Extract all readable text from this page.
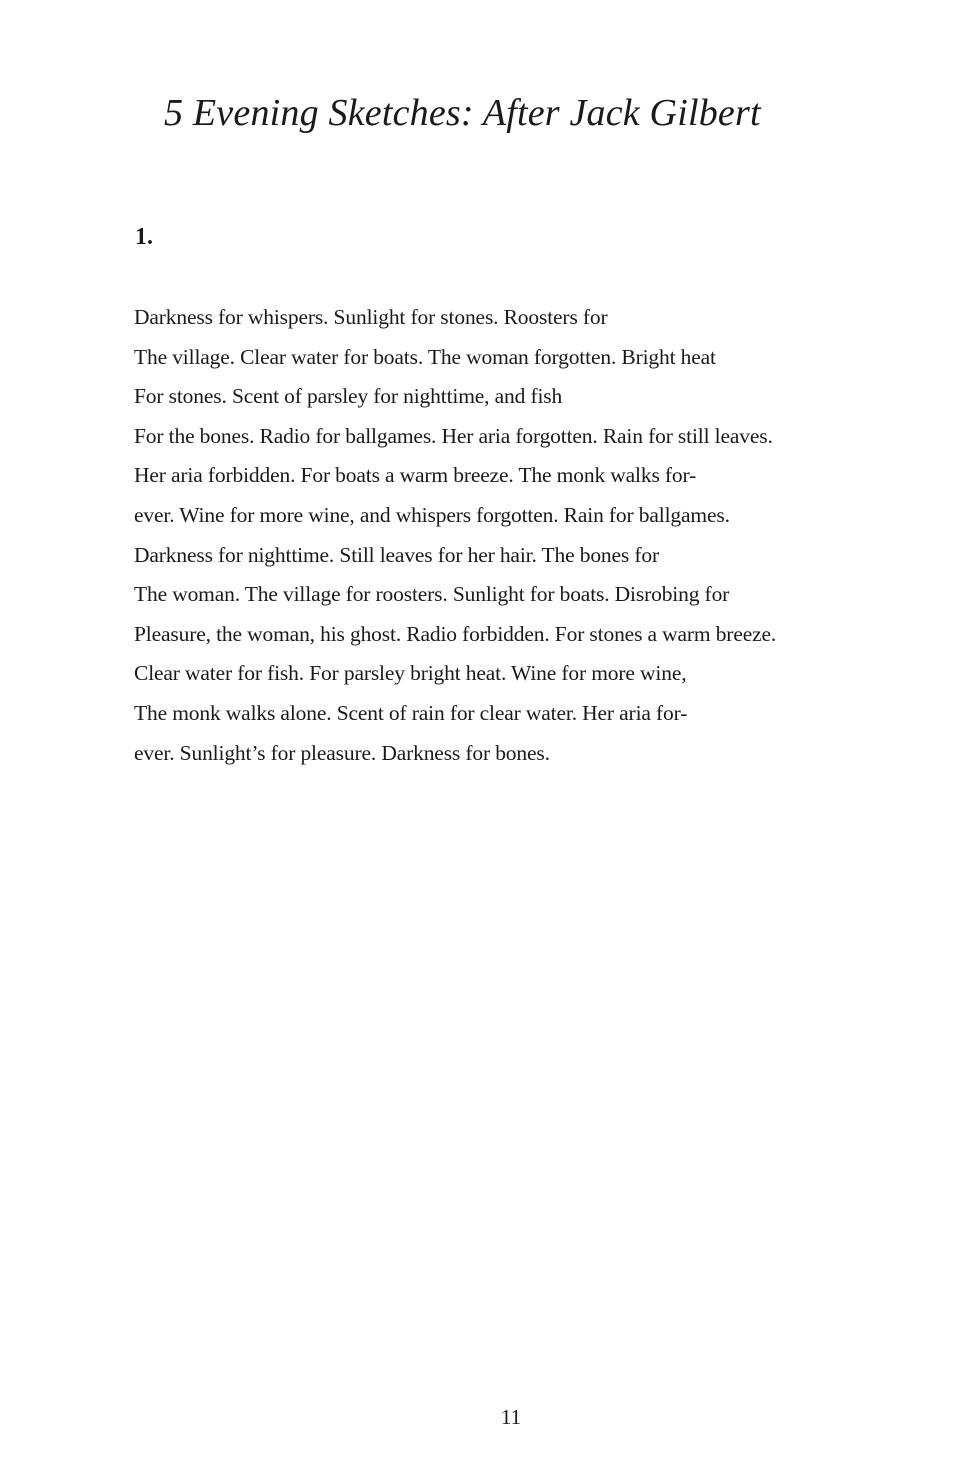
5 Evening Sketches: After Jack Gilbert
1.
Darkness for whispers. Sunlight for stones. Roosters for
The village. Clear water for boats. The woman forgotten. Bright heat
For stones. Scent of parsley for nighttime, and fish
For the bones. Radio for ballgames. Her aria forgotten. Rain for still leaves.
Her aria forbidden. For boats a warm breeze. The monk walks for-
ever. Wine for more wine, and whispers forgotten. Rain for ballgames.
Darkness for nighttime. Still leaves for her hair. The bones for
The woman. The village for roosters. Sunlight for boats. Disrobing for
Pleasure, the woman, his ghost. Radio forbidden. For stones a warm breeze.
Clear water for fish. For parsley bright heat. Wine for more wine,
The monk walks alone. Scent of rain for clear water. Her aria for-
ever. Sunlight’s for pleasure. Darkness for bones.
11
